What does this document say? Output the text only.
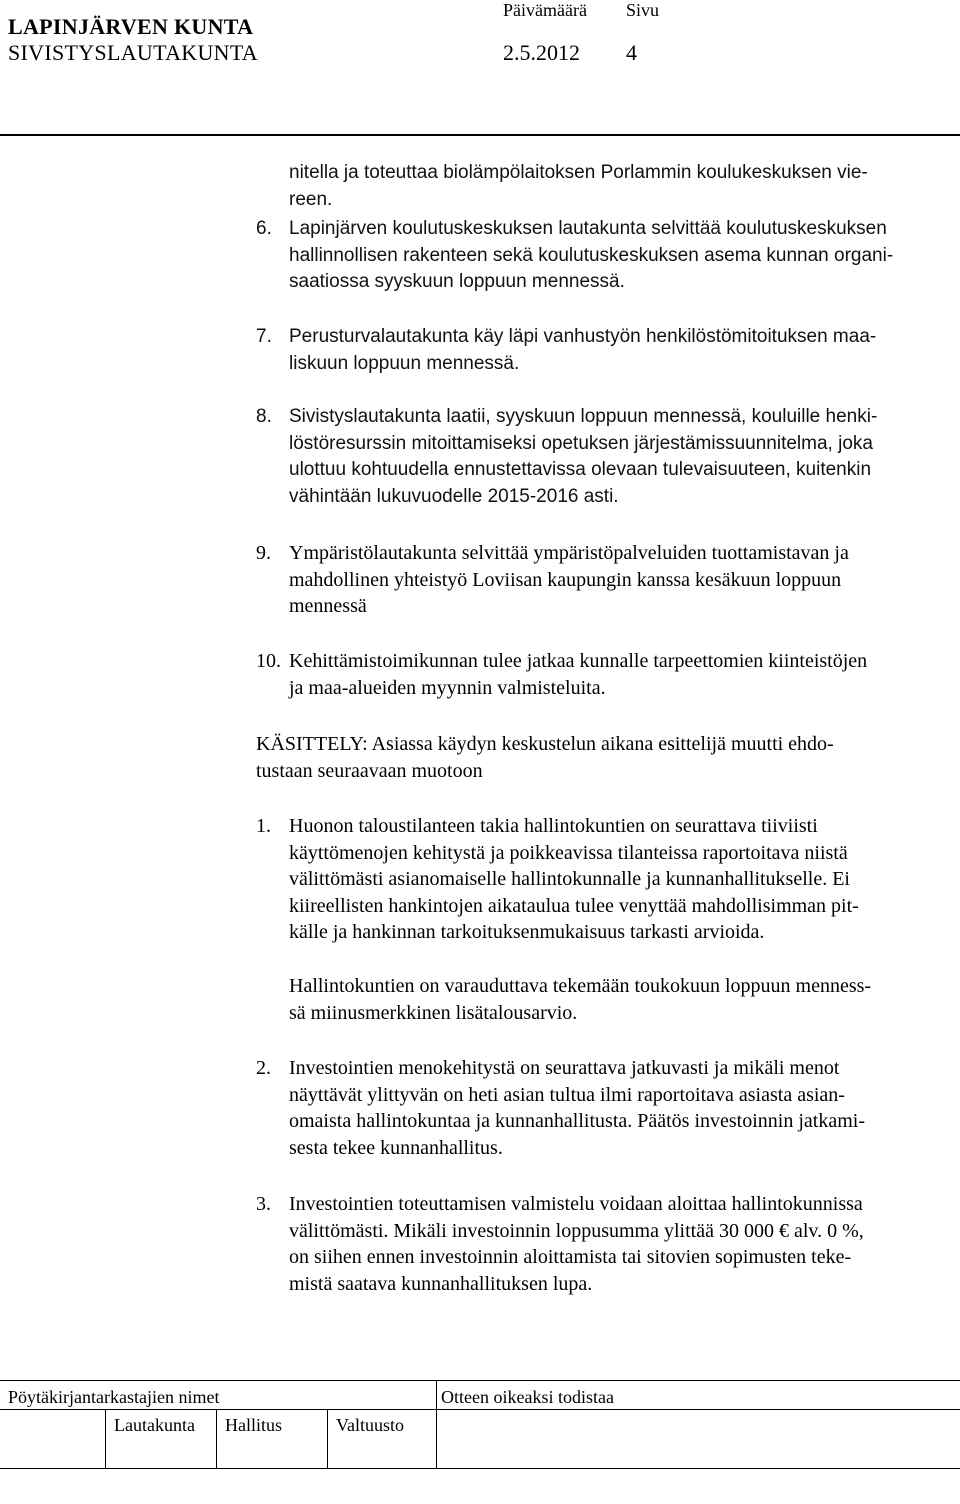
LAPINJÄRVEN KUNTA
SIVISTYSLAUTAKUNTA
Päivämäärä Sivu
2.5.2012 4
nitella ja toteuttaa biolämpölaitoksen Porlammin koulukeskuksen vie-
reen.
6. Lapinjärven koulutuskeskuksen lautakunta selvittää koulutuskeskuksen
hallinnollisen rakenteen sekä koulutuskeskuksen asema kunnan organi-
saatiossa syyskuun loppuun mennessä.
7. Perusturvalautakunta käy läpi vanhustyön henkilöstömitoituksen maa-
liskuun loppuun mennessä.
8. Sivistyslautakunta laatii, syyskuun loppuun mennessä, kouluille henki-
löstöresurssin mitoittamiseksi opetuksen järjestämissuunnitelma, joka
ulottuu kohtuudella ennustettavissa olevaan tulevaisuuteen, kuitenkin
vähintään lukuvuodelle 2015-2016 asti.
9. Ympäristölautakunta selvittää ympäristöpalveluiden tuottamistavan ja
mahdollinen yhteistyö Loviisan kaupungin kanssa kesäkuun loppuun
mennessä
10. Kehittämistoimikunnan tulee jatkaa kunnalle tarpeettomien kiinteistöjen
ja maa-alueiden myynnin valmisteluita.
KÄSITTELY: Asiassa käydyn keskustelun aikana esittelijä muutti ehdo-
tustaan seuraavaan muotoon
1. Huonon taloustilanteen takia hallintokuntien on seurattava tiiviisti
käyttömenojen kehitystä ja poikkeavissa tilanteissa raportoitava niistä
välittömästi asianomaiselle hallintokunnalle ja kunnanhallitukselle. Ei
kiireellisten hankintojen aikataulua tulee venyttää mahdollisimman pit-
källe ja hankinnan tarkoituksenmukaisuus tarkasti arvioida.
Hallintokuntien on varauduttava tekemään toukokuun loppuun menness-
sä miinusmerkkinen lisätalousarvio.
2. Investointien menokehitystä on seurattava jatkuvasti ja mikäli menot
näyttävät ylittyvän on heti asian tultua ilmi raportoitava asiasta asian-
omaista hallintokuntaa ja kunnanhallitusta. Päätös investoinnin jatkami-
sesta tekee kunnanhallitus.
3. Investointien toteuttamisen valmistelu voidaan aloittaa hallintokunnissa
välittömästi. Mikäli investoinnin loppusumma ylittää 30 000 € alv. 0 %,
on siihen ennen investoinnin aloittamista tai sitovien sopimusten teke-
mistä saatava kunnanhallituksen lupa.
Pöytäkirjantarkastajien nimet	Otteen oikeaksi todistaa
Lautakunta Hallitus	Valtuusto
